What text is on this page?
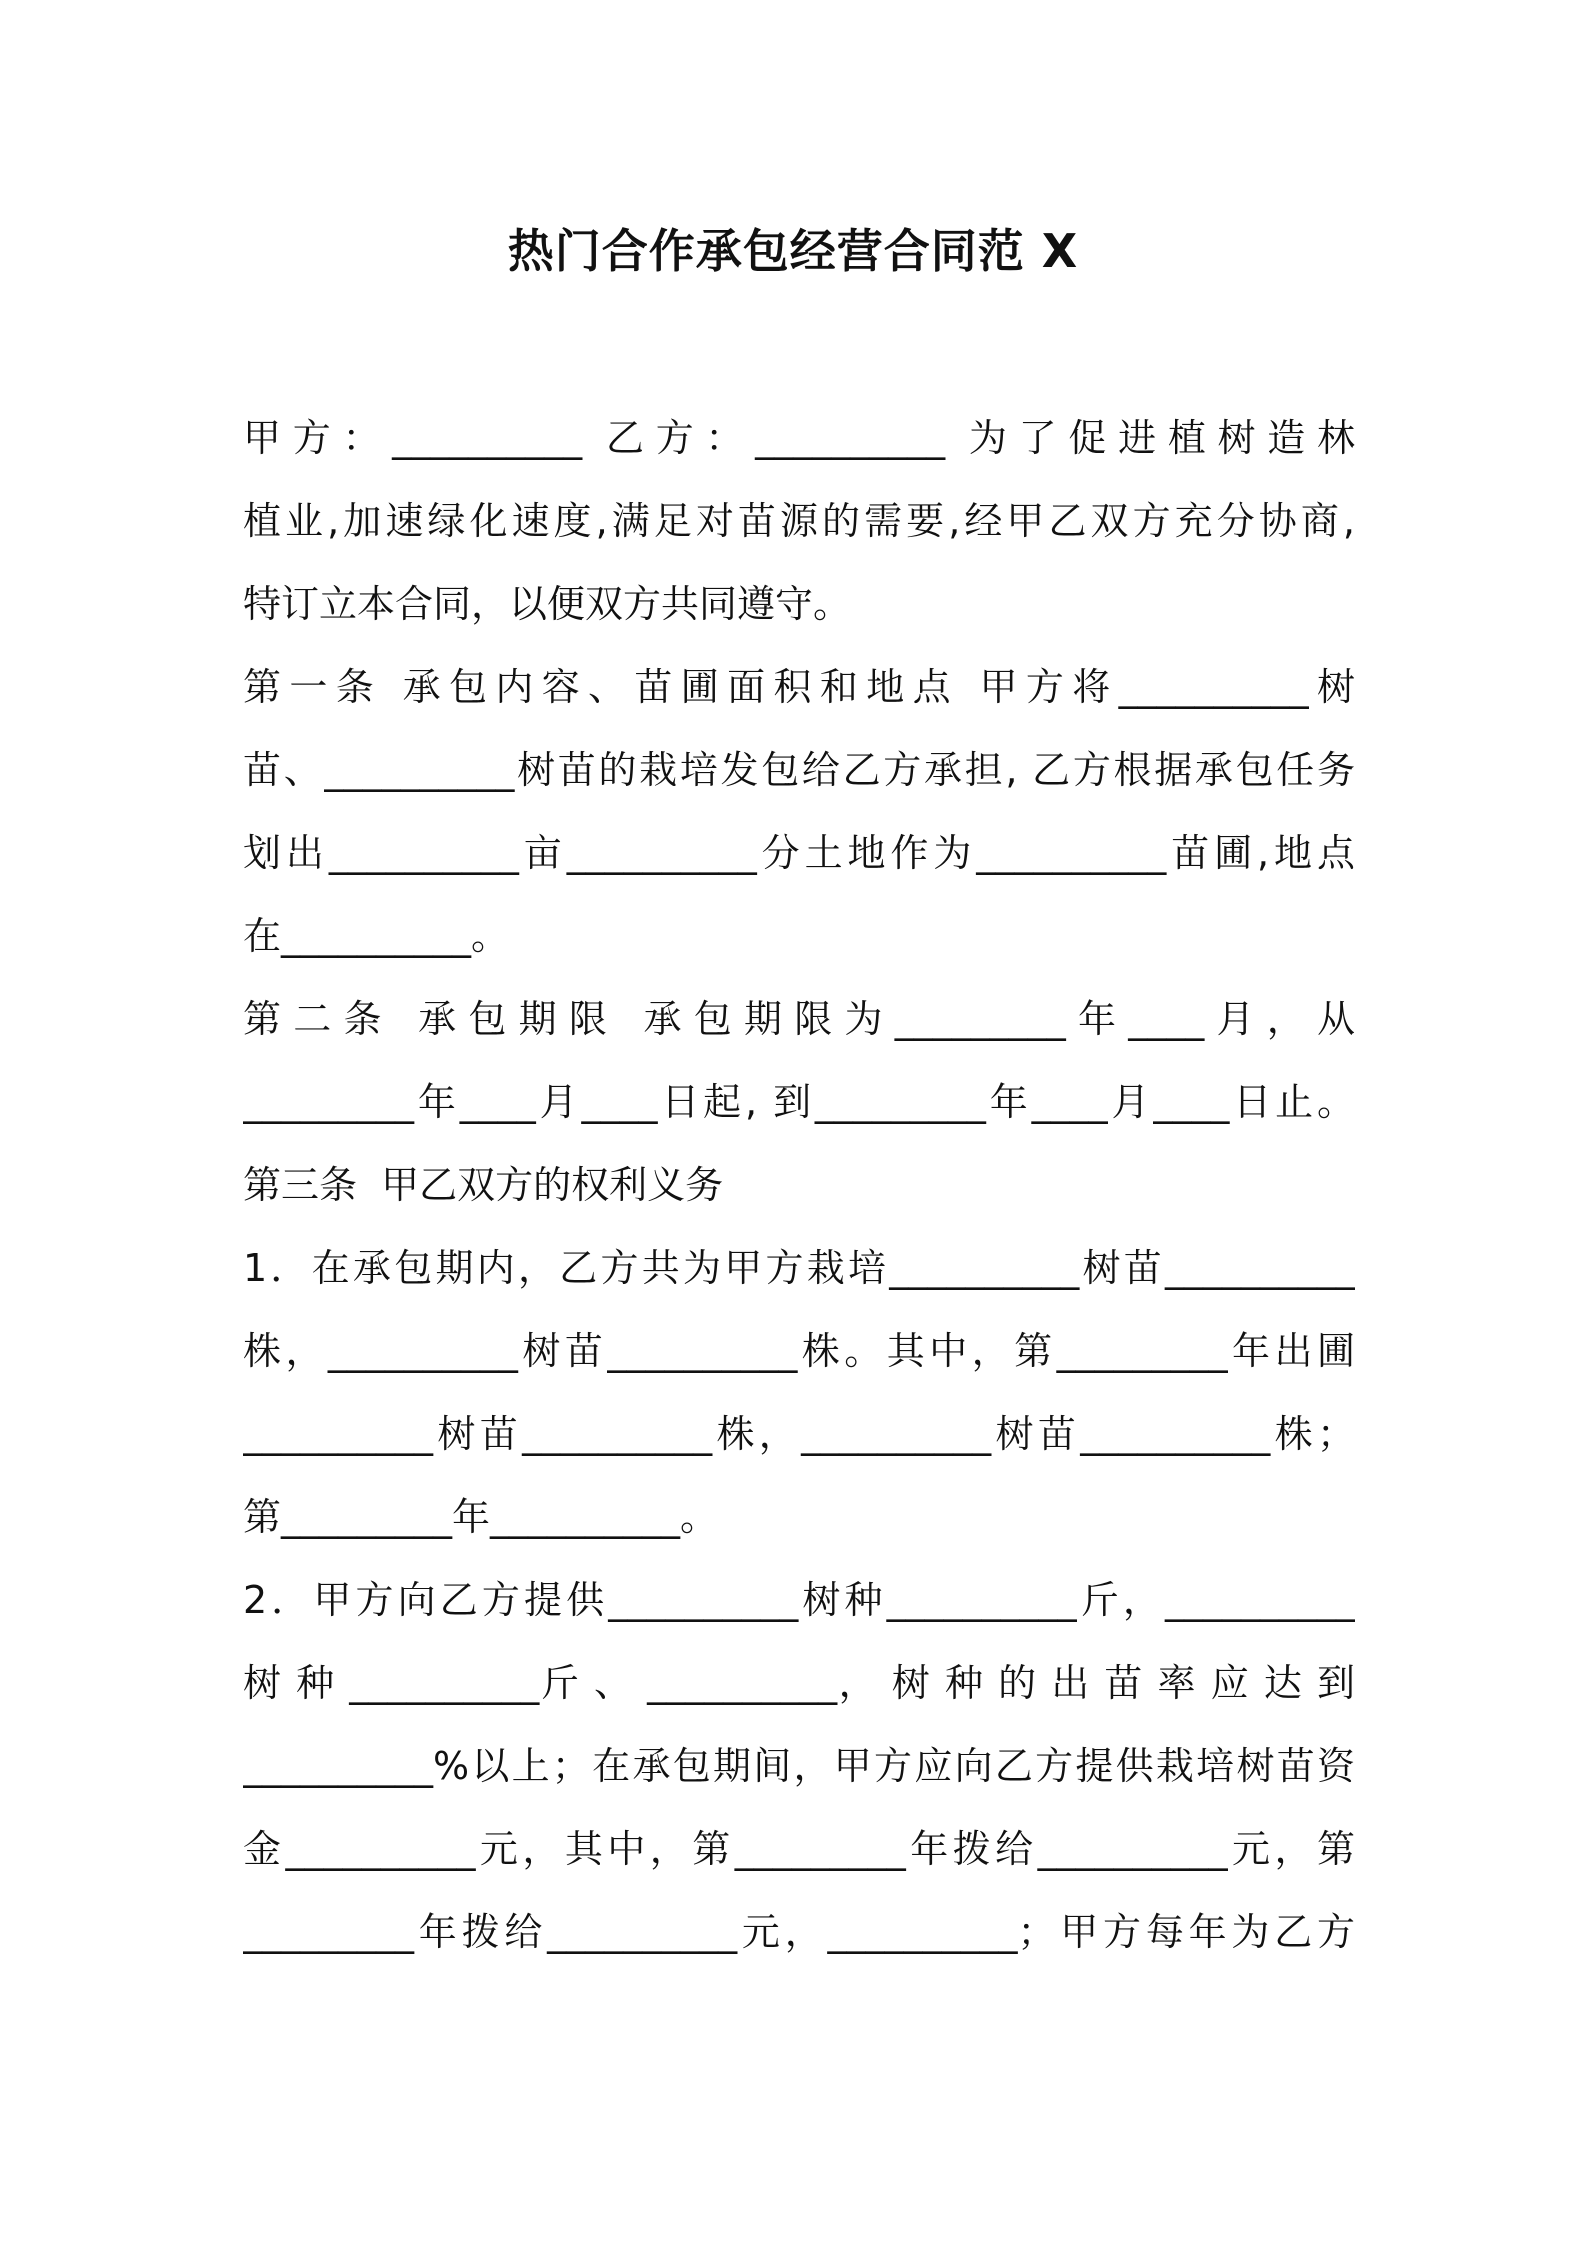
热门合作承包经营合同范 X
甲方：__________ 乙方：__________ 为了促进植树造林
植业,加速绿化速度,满足对苗源的需要,经甲乙双方充分协商,
特订立本合同，以便双方共同遵守。
第一条 承包内容、苗圃面积和地点 甲方将__________树
苗、__________树苗的栽培发包给乙方承担, 乙方根据承包任务
划出__________亩__________分土地作为__________苗圃,地点
在__________。
第二条 承包期限 承包期限为_________年____月，从
_________年____月____日起, 到_________年____月____日止。
第三条  甲乙双方的权利义务
1．在承包期内，乙方共为甲方栽培__________树苗__________
株，__________树苗__________株。其中，第_________年出圃
__________树苗__________株，__________树苗__________株；
第_________年__________。
2．甲方向乙方提供__________树种__________斤，__________
树 种 __________斤 、 __________， 树 种 的 出 苗 率 应 达 到
__________%以上；在承包期间，甲方应向乙方提供栽培树苗资
金__________元，其中，第_________年拨给__________元，第
_________年拨给__________元，__________；甲方每年为乙方
